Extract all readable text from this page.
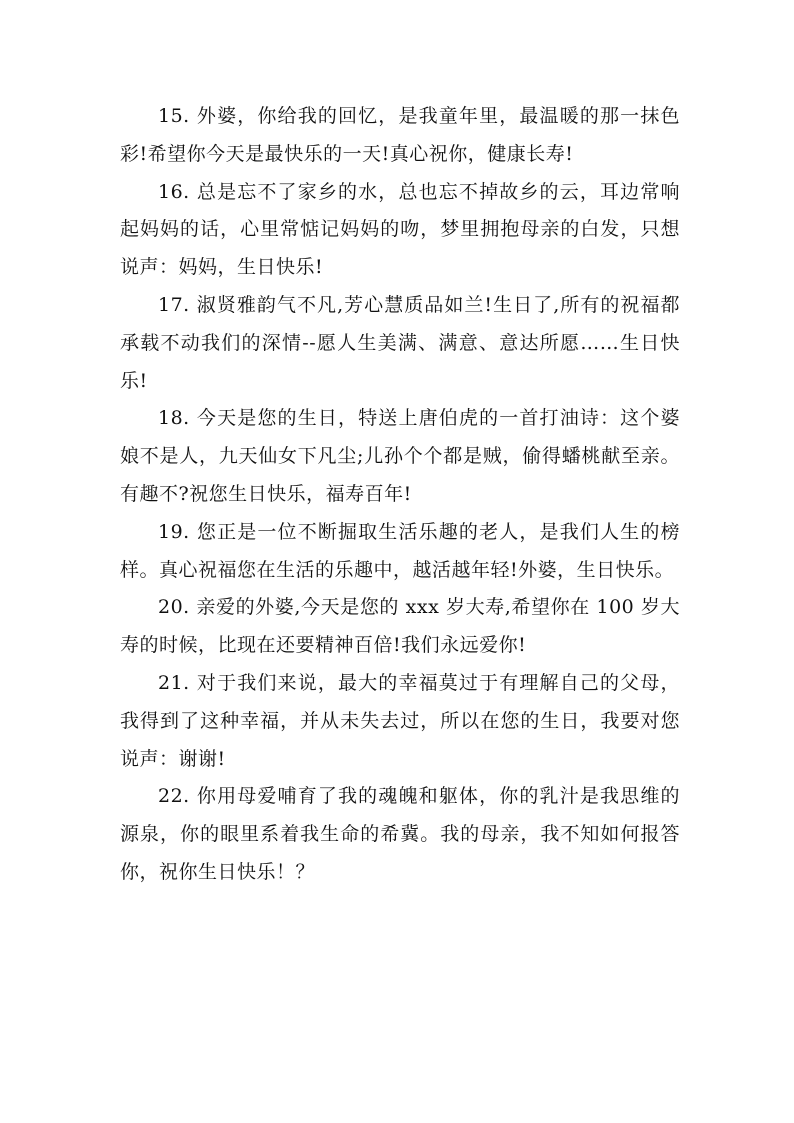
15. 外婆，你给我的回忆，是我童年里，最温暖的那一抹色彩!希望你今天是最快乐的一天!真心祝你，健康长寿!

16. 总是忘不了家乡的水，总也忘不掉故乡的云，耳边常响起妈妈的话，心里常惦记妈妈的吻，梦里拥抱母亲的白发，只想说声：妈妈，生日快乐!

17. 淑贤雅韵气不凡,芳心慧质品如兰!生日了,所有的祝福都承载不动我们的深情--愿人生美满、满意、意达所愿……生日快乐!

18. 今天是您的生日，特送上唐伯虎的一首打油诗：这个婆娘不是人，九天仙女下凡尘;儿孙个个都是贼，偷得蟠桃献至亲。有趣不?祝您生日快乐，福寿百年!

19. 您正是一位不断掘取生活乐趣的老人，是我们人生的榜样。真心祝福您在生活的乐趣中，越活越年轻!外婆，生日快乐。

20. 亲爱的外婆,今天是您的 xxx 岁大寿,希望你在 100 岁大寿的时候，比现在还要精神百倍!我们永远爱你!

21. 对于我们来说，最大的幸福莫过于有理解自己的父母，我得到了这种幸福，并从未失去过，所以在您的生日，我要对您说声：谢谢!

22. 你用母爱哺育了我的魂魄和躯体，你的乳汁是我思维的源泉，你的眼里系着我生命的希冀。我的母亲，我不知如何报答你，祝你生日快乐！？
